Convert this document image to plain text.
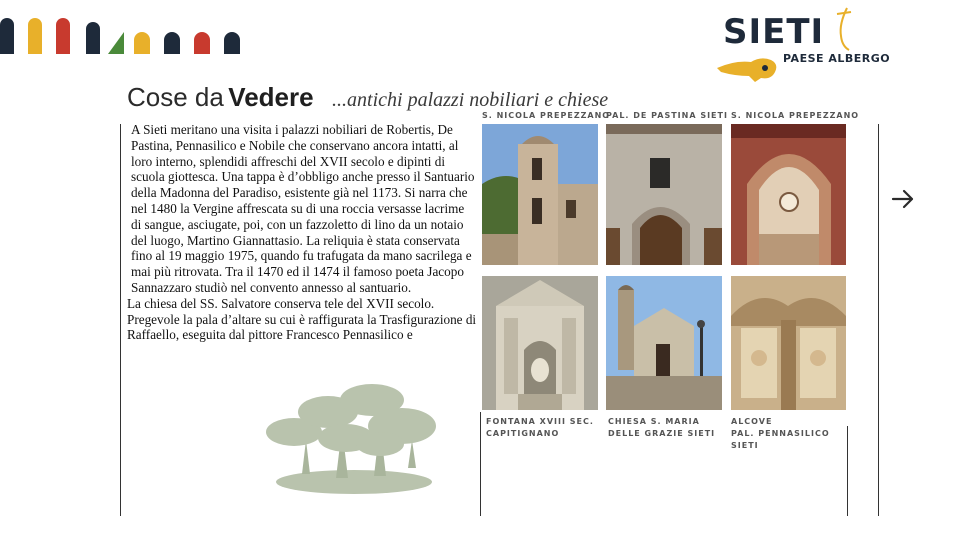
SIETI
PAESE ALBERGO
Cose da Vedere ...antichi palazzi nobiliari e chiese

A Sieti meritano una visita i palazzi nobiliari de Robertis, De Pastina, Pennasilico e Nobile che conservano ancora intatti, al loro interno, splendidi affreschi del XVII secolo e dipinti di scuola giottesca. Una tappa è d’obbligo anche presso il Santuario della Madonna del Paradiso, esistente già nel 1173. Si narra che nel 1480 la Vergine affrescata su di una roccia versasse lacrime di sangue, asciugate, poi, con un fazzoletto di lino da un notaio del luogo, Martino Giannattasio. La reliquia è stata conservata fino al 19 maggio 1975, quando fu trafugata da mano sacrilega e mai più ritrovata. Tra il 1470 ed il 1474 il famoso poeta Jacopo Sannazzaro studiò nel convento annesso al santuario.

La chiesa del SS. Salvatore conserva tele del XVII secolo. Pregevole la pala d’altare su cui è raffigurata la Trasfigurazione di Raffaello, eseguita dal pittore Francesco Pennasilico e

S. NICOLA PREPEZZANO
PAL. DE PASTINA SIETI S. NICOLA PREPEZZANO
FONTANA XVIII SEC.
CAPITIGNANO
CHIESA S. MARIA
DELLE GRAZIE SIETI
ALCOVE
PAL. PENNASILICO
SIETI
